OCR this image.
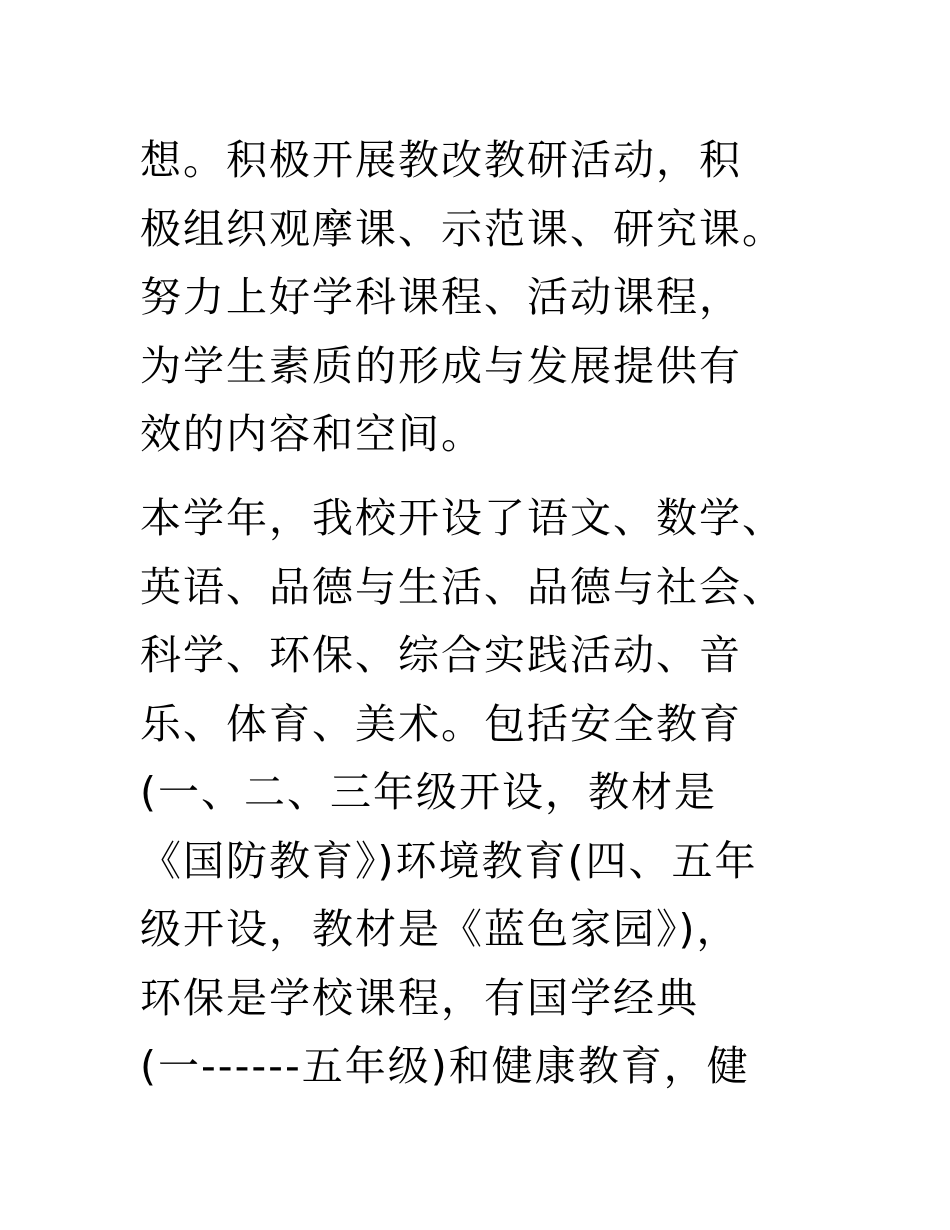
想。积极开展教改教研活动，积
极组织观摩课、示范课、研究课。
努力上好学科课程、活动课程，
为学生素质的形成与发展提供有
效的内容和空间。
本学年，我校开设了语文、数学、
英语、品德与生活、品德与社会、
科学、环保、综合实践活动、音
乐、体育、美术。包括安全教育
(一、二、三年级开设，教材是
《国防教育》)环境教育(四、五年
级开设，教材是《蓝色家园》)，
环保是学校课程，有国学经典
(一------五年级)和健康教育，健
